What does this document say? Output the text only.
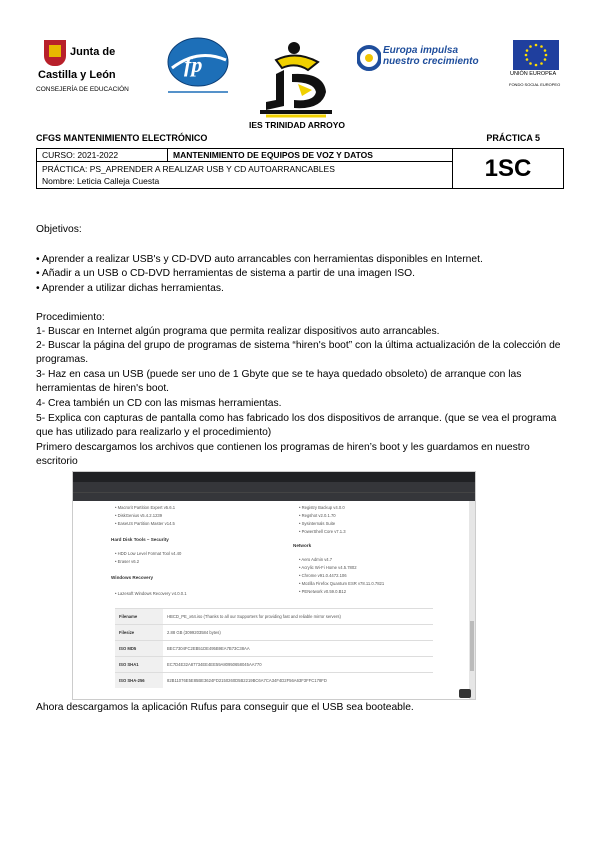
Junta de
Castilla y León
CONSEJERÍA DE EDUCACIÓN
fp
IES TRINIDAD ARROYO
Europa impulsa
nuestro crecimiento
UNIÓN EUROPEA
FONDO SOCIAL EUROPEO
CFGS MANTENIMIENTO ELECTRÓNICO	PRÁCTICA 5
CURSO: 2021-2022	MANTENIMIENTO DE EQUIPOS DE VOZ Y DATOS	1SC

PRÁCTICA: PS_APRENDER A REALIZAR USB Y CD AUTOARRANCABLES
Nombre: Leticia Calleja Cuesta
Objetivos:
• Aprender a realizar USB's y CD-DVD auto arrancables con herramientas disponibles en Internet.
• Añadir a un USB o CD-DVD herramientas de sistema a partir de una imagen ISO.
• Aprender a utilizar dichas herramientas.
Procedimiento:
1- Buscar en Internet algún programa que permita realizar dispositivos auto arrancables.
2- Buscar la página del grupo de programas de sistema “hiren's boot” con la última actualización de la colección de programas.
3- Haz en casa un USB (puede ser uno de 1 Gbyte que se te haya quedado obsoleto) de arranque con las herramientas de hiren's boot.
4- Crea también un CD con las mismas herramientas.
5- Explica con capturas de pantalla como has fabricado los dos dispositivos de arranque. (que se vea el programa que has utilizado para realizarlo y el procedimiento)
Primero descargamos los archivos que contienen los programas de hiren’s boot y les guardamos en nuestro escritorio
• Macrorit Partition Expert v5.6.1
• DiskGenius v5.4.2.1239
• EaseUS Partition Master v14.5
Hard Disk Tools – Security
• HDD Low Level Format Tool v4.40
• Eraser v6.2
Windows Recovery
• Lazesoft Windows Recovery v4.0.0.1
• Registry Backup v4.0.0
• Regshot v2.0.1.70
• Sysinternals Suite
• PowerShell Core v7.1.3
Network
• Aero Admin v4.7
• Acrylic Wi-Fi Home v4.5.7802
• Chrome v91.0.4472.106
• Mozilla Firefox Quantum ESR v78.11.0.7821
• PENetwork v0.59.0.B12
Filename	HBCD_PE_x64.iso (Thanks to all our Supporters for providing fast and reliable mirror servers)
Filesize	2.88 GB (3099203584 bytes)
ISO MD5	BEC7304FC2EB51DE495B9EA7B73C38AA
ISO SHA1	EC7D4E32A87734EE4EE59A80950658045AA770
ISO SHA-256	82B11076E5E85BE3624FD2150260D5B2219BC6A7CA34F4D2F56A63F3FFC178FD
Ahora descargamos la aplicación Rufus para conseguir que el USB sea booteable.
